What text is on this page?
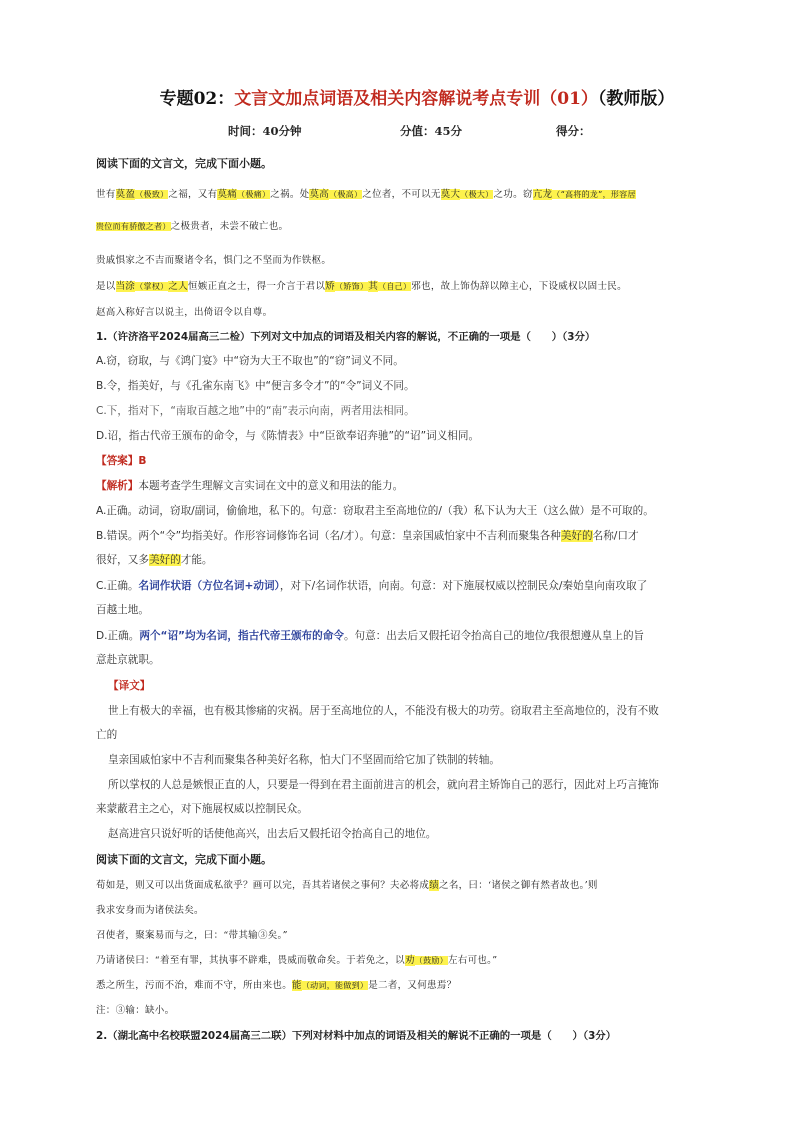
专题02：文言文加点词语及相关内容解说考点专训（01）（教师版）
时间：40分钟	分值：45分	得分：
阅读下面的文言文，完成下面小题。
世有莫盈（极致）之福，又有莫痛（极痛）之祸。处莫高（极高）之位者，不可以无莫大（极大）之功。窃亢龙（“高将的龙”，形容居
贵位而有骄傲之者）之极贵者，未尝不破亡也。
贵戚惧家之不吉而聚诸令名，惧门之不坚而为作铁枢。
是以当涂（掌权）之人恒嫉正直之士，得一介言于君以矫（矫饰）其（自己）邪也，故上饰伪辞以障主心，下设威权以固士民。
赵高入称好言以说主，出倚诏令以自尊。
1.（许济洛平2024届高三二检）下列对文中加点的词语及相关内容的解说，不正确的一项是（　　）（3分）
A.窃，窃取，与《鸿门宴》中“窃为大王不取也”的“窃”词义不同。
B.令，指美好，与《孔雀东南飞》中“便言多令才”的“令”词义不同。
C.下，指对下，“南取百越之地”中的“南”表示向南，两者用法相同。
D.诏，指古代帝王颁布的命令，与《陈情表》中“臣欲奉诏奔驰”的“诏”词义相同。
【答案】B
【解析】本题考查学生理解文言实词在文中的意义和用法的能力。
A.正确。动词，窃取/副词，偷偷地，私下的。句意：窃取君主至高地位的/（我）私下认为大王（这么做）是不可取的。
B.错误。两个“令”均指美好。作形容词修饰名词（名/才）。句意：皇亲国戚怕家中不吉利而聚集各种美好的名称/口才
很好，又多美好的才能。
C.正确。名词作状语（方位名词+动词），对下/名词作状语，向南。句意：对下施展权威以控制民众/秦始皇向南攻取了
百越土地。
D.正确。两个“诏”均为名词，指古代帝王颁布的命令。句意：出去后又假托诏令抬高自己的地位/我很想遵从皇上的旨
意赴京就职。
【译文】
世上有极大的幸福，也有极其惨痛的灾祸。居于至高地位的人，不能没有极大的功劳。窃取君主至高地位的，没有不败
亡的
皇亲国戚怕家中不吉利而聚集各种美好名称，怕大门不坚固而给它加了铁制的转轴。
所以掌权的人总是嫉恨正直的人，只要是一得到在君主面前进言的机会，就向君主矫饰自己的恶行，因此对上巧言掩饰
来蒙蔽君主之心，对下施展权威以控制民众。
赵高进宫只说好听的话使他高兴，出去后又假托诏令抬高自己的地位。
阅读下面的文言文，完成下面小题。
荀如是，则又可以出货面成私欲乎？画可以完，吾其若诸侯之事何？夫必将成绩之名，曰：‘诸侯之御有然者故也。’则
我求安身而为诸侯法矣。
召使者，聚案易而与之，曰：“带其输③矣。”
乃请诸侯曰：“着至有罪，其执事不辟难，畏威而敬命矣。于若免之，以劝（鼓励）左右可也。”
悉之所生，污而不治，难而不守，所由来也。能（动词，能做到）是二者，又何患焉？
注：③输：缺小。
2.（湖北高中名校联盟2024届高三二联）下列对材料中加点的词语及相关的解说不正确的一项是（　　）（3分）
